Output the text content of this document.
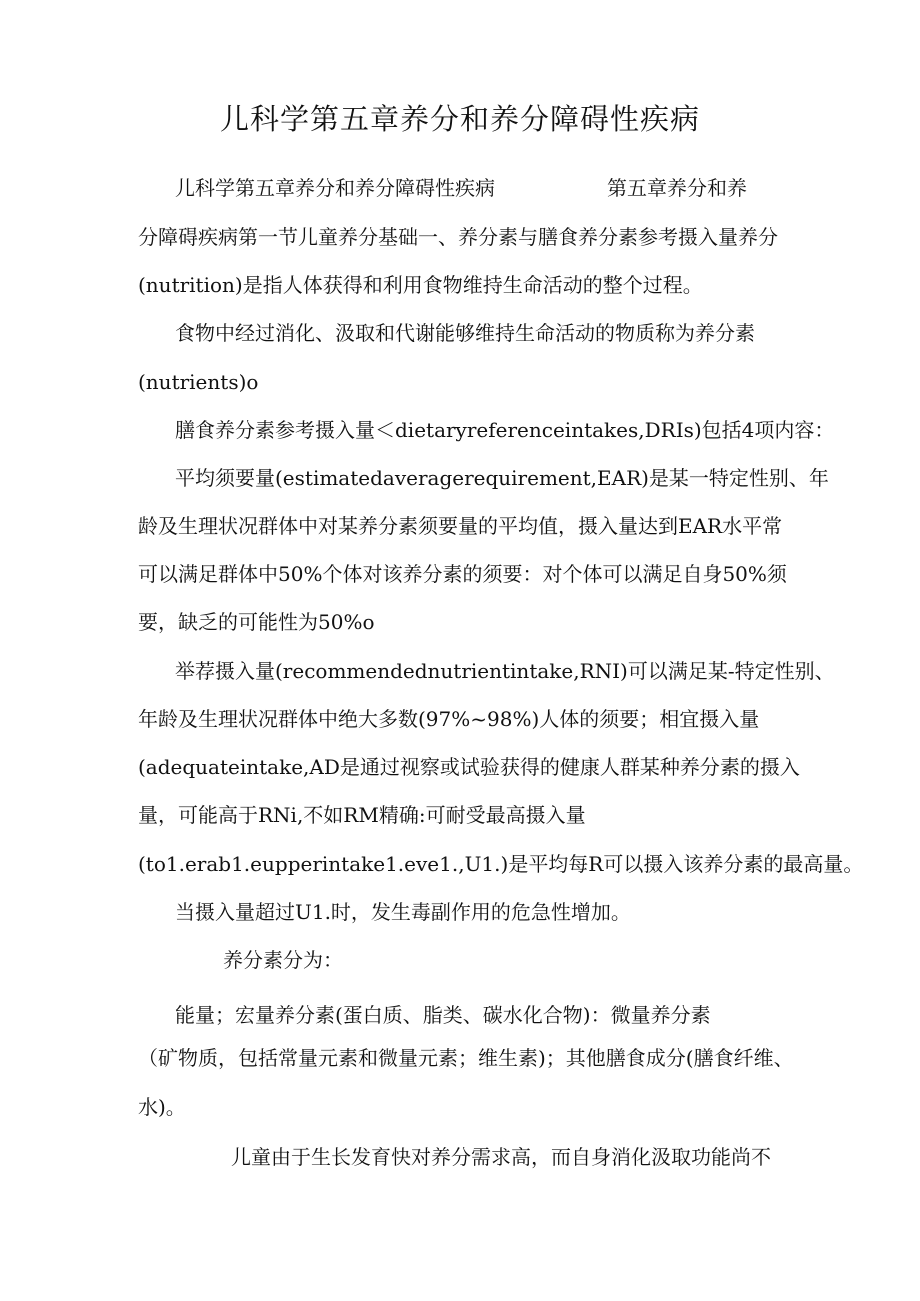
儿科学第五章养分和养分障碍性疾病
儿科学第五章养分和养分障碍性疾病	第五章养分和养
分障碍疾病第一节儿童养分基础一、养分素与膳食养分素参考摄入量养分
(nutrition)是指人体获得和利用食物维持生命活动的整个过程。
食物中经过消化、汲取和代谢能够维持生命活动的物质称为养分素
(nutrients)o
膳食养分素参考摄入量＜dietaryreferenceintakes,DRIs)包括4项内容：
平均须要量(estimatedaveragerequirement,EAR)是某一特定性别、年
龄及生理状况群体中对某养分素须要量的平均值，摄入量达到EAR水平常
可以满足群体中50%个体对该养分素的须要：对个体可以满足自身50%须
要，缺乏的可能性为50%o
举荐摄入量(recommendednutrientintake,RNI)可以满足某-特定性别、
年龄及生理状况群体中绝大多数(97%~98%)人体的须要；相宜摄入量
(adequateintake,AD是通过视察或试验获得的健康人群某种养分素的摄入
量，可能高于RNi,不如RM精确:可耐受最高摄入量
(to1.erab1.eupperintake1.eve1.,U1.)是平均每R可以摄入该养分素的最高量。
当摄入量超过U1.时，发生毒副作用的危急性增加。
养分素分为：
能量；宏量养分素(蛋白质、脂类、碳水化合物)：微量养分素
（矿物质，包括常量元素和微量元素；维生素)；其他膳食成分(膳食纤维、
水)。
儿童由于生长发育快对养分需求高，而自身消化汲取功能尚不
